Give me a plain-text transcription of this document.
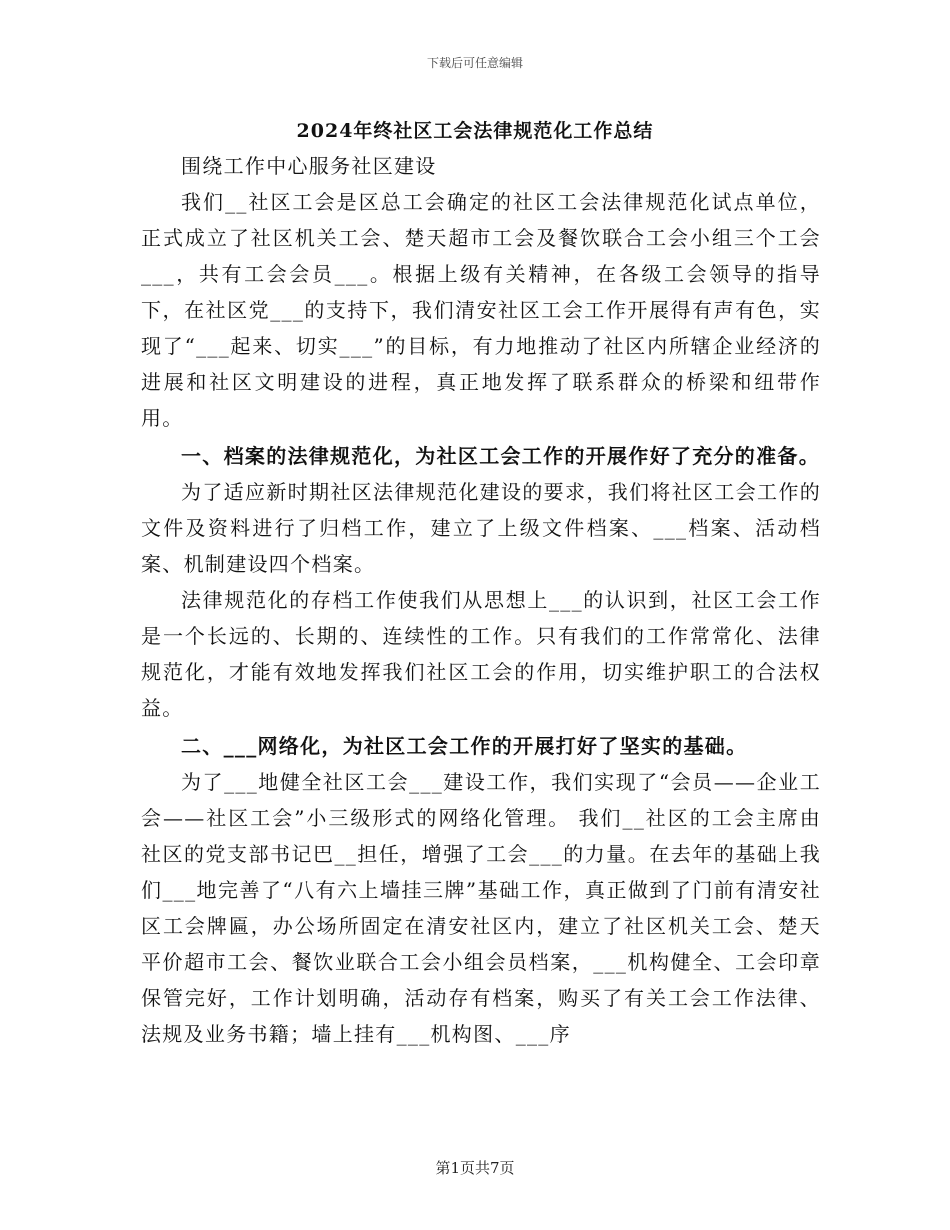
下载后可任意编辑
2024年终社区工会法律规范化工作总结

围绕工作中心服务社区建设

我们__社区工会是区总工会确定的社区工会法律规范化试点单位，正式成立了社区机关工会、楚天超市工会及餐饮联合工会小组三个工会___，共有工会会员___。根据上级有关精神，在各级工会领导的指导下，在社区党___的支持下，我们清安社区工会工作开展得有声有色，实现了“___起来、切实___”的目标，有力地推动了社区内所辖企业经济的进展和社区文明建设的进程，真正地发挥了联系群众的桥梁和纽带作用。

一、档案的法律规范化，为社区工会工作的开展作好了充分的准备。

为了适应新时期社区法律规范化建设的要求，我们将社区工会工作的文件及资料进行了归档工作，建立了上级文件档案、___档案、活动档案、机制建设四个档案。

法律规范化的存档工作使我们从思想上___的认识到，社区工会工作是一个长远的、长期的、连续性的工作。只有我们的工作常常化、法律规范化，才能有效地发挥我们社区工会的作用，切实维护职工的合法权益。

二、___网络化，为社区工会工作的开展打好了坚实的基础。

为了___地健全社区工会___建设工作，我们实现了“会员——企业工会——社区工会”小三级形式的网络化管理。 我们__社区的工会主席由社区的党支部书记巴__担任，增强了工会___的力量。在去年的基础上我们___地完善了“八有六上墙挂三牌”基础工作，真正做到了门前有清安社区工会牌匾，办公场所固定在清安社区内，建立了社区机关工会、楚天平价超市工会、餐饮业联合工会小组会员档案，___机构健全、工会印章保管完好，工作计划明确，活动存有档案，购买了有关工会工作法律、法规及业务书籍；墙上挂有___机构图、___序

第1页共7页
